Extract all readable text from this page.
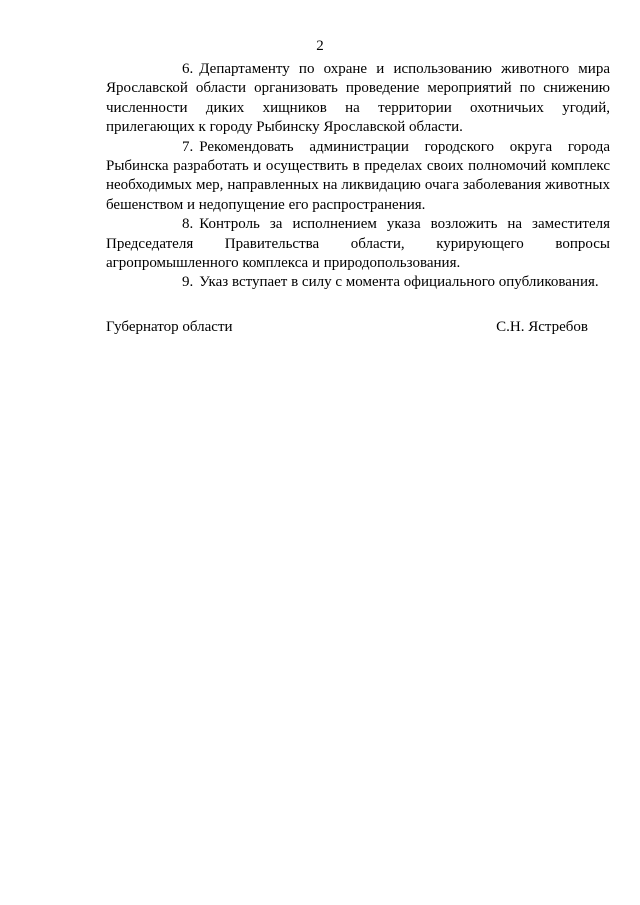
2

6. Департаменту по охране и использованию животного мира Ярославской области организовать проведение мероприятий по снижению численности диких хищников на территории охотничьих угодий, прилегающих к городу Рыбинску Ярославской области.

7. Рекомендовать администрации городского округа города Рыбинска разработать и осуществить в пределах своих полномочий комплекс необходимых мер, направленных на ликвидацию очага заболевания животных бешенством и недопущение его распространения.

8. Контроль за исполнением указа возложить на заместителя Председателя Правительства области, курирующего вопросы агропромышленного комплекса и природопользования.

9. Указ вступает в силу с момента официального опубликования.

Губернатор области	С.Н. Ястребов
